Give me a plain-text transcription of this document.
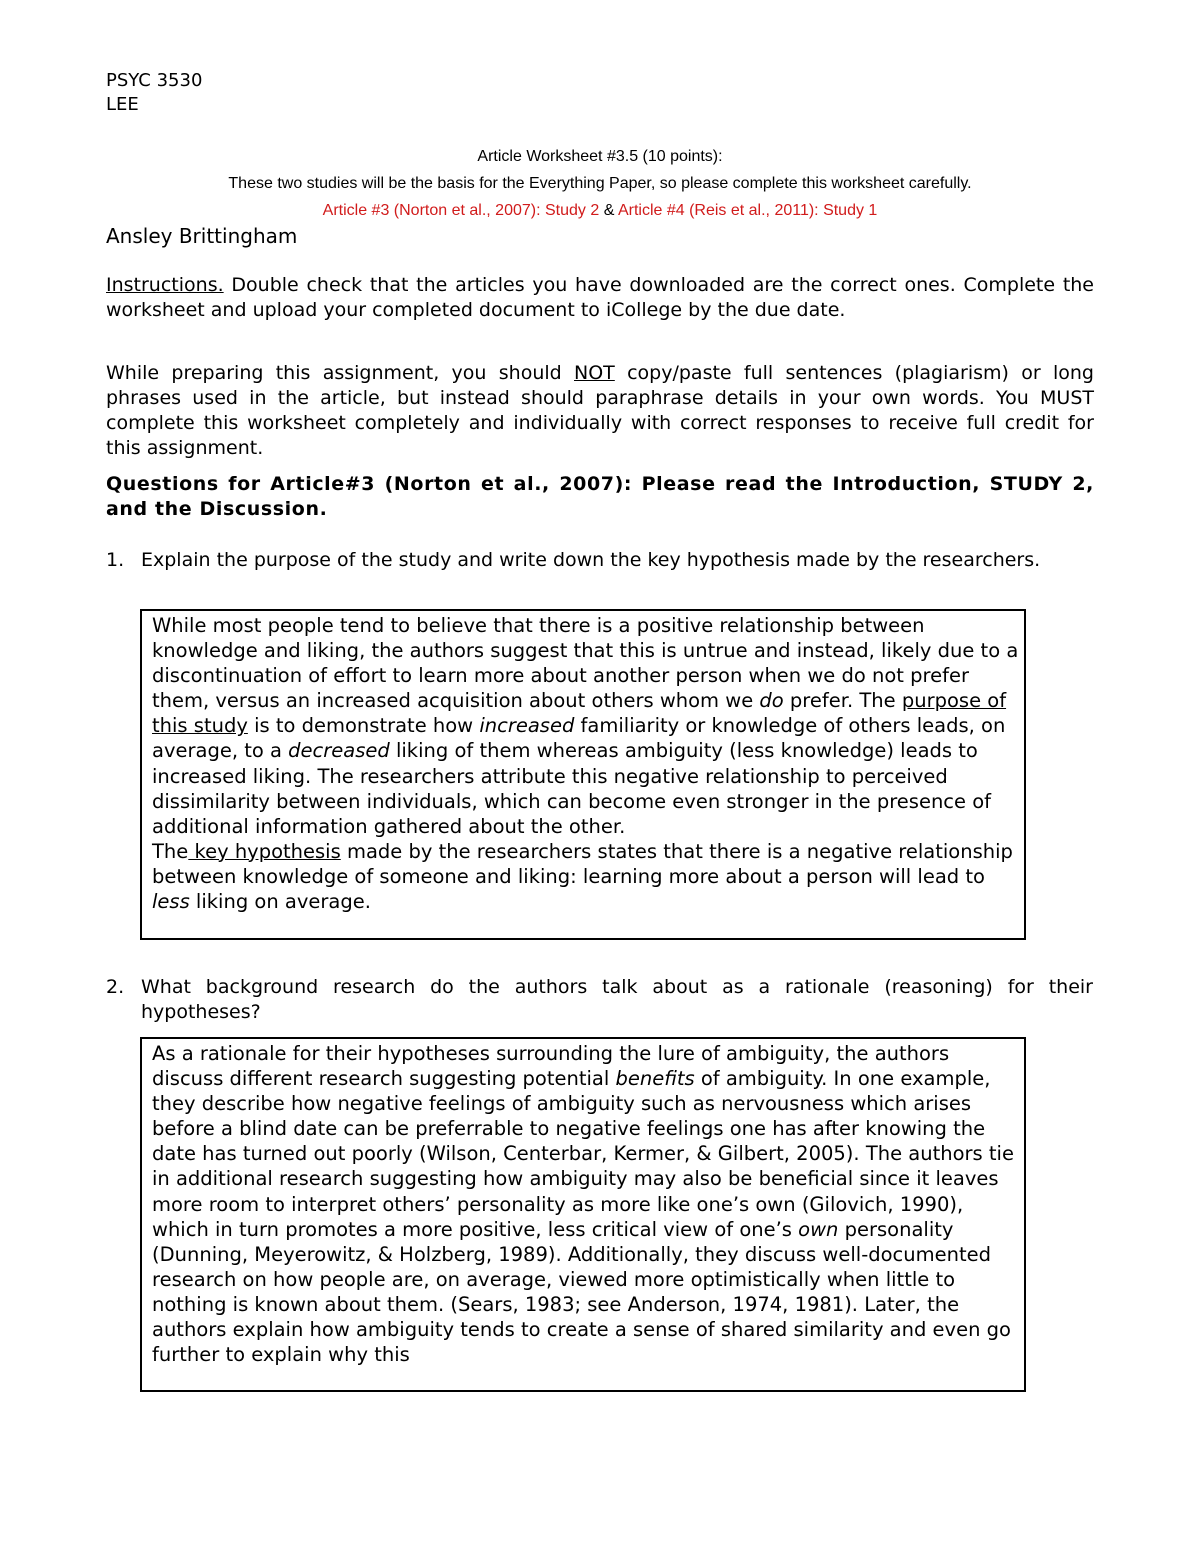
PSYC 3530
LEE
Article Worksheet #3.5 (10 points):
These two studies will be the basis for the Everything Paper, so please complete this worksheet carefully.
Article #3 (Norton et al., 2007): Study 2 & Article #4 (Reis et al., 2011): Study 1
Ansley Brittingham
Instructions. Double check that the articles you have downloaded are the correct ones. Complete the worksheet and upload your completed document to iCollege by the due date.
While preparing this assignment, you should NOT copy/paste full sentences (plagiarism) or long phrases used in the article, but instead should paraphrase details in your own words. You MUST complete this worksheet completely and individually with correct responses to receive full credit for this assignment.
Questions for Article#3 (Norton et al., 2007): Please read the Introduction, STUDY 2, and the Discussion.
1. Explain the purpose of the study and write down the key hypothesis made by the researchers.

While most people tend to believe that there is a positive relationship between knowledge and liking, the authors suggest that this is untrue and instead, likely due to a discontinuation of effort to learn more about another person when we do not prefer them, versus an increased acquisition about others whom we do prefer. The purpose of this study is to demonstrate how increased familiarity or knowledge of others leads, on average, to a decreased liking of them whereas ambiguity (less knowledge) leads to increased liking. The researchers attribute this negative relationship to perceived dissimilarity between individuals, which can become even stronger in the presence of additional information gathered about the other.

The key hypothesis made by the researchers states that there is a negative relationship between knowledge of someone and liking: learning more about a person will lead to less liking on average.

2. What background research do the authors talk about as a rationale (reasoning) for their hypotheses?

As a rationale for their hypotheses surrounding the lure of ambiguity, the authors discuss different research suggesting potential benefits of ambiguity. In one example, they describe how negative feelings of ambiguity such as nervousness which arises before a blind date can be preferrable to negative feelings one has after knowing the date has turned out poorly (Wilson, Centerbar, Kermer, & Gilbert, 2005). The authors tie in additional research suggesting how ambiguity may also be beneficial since it leaves more room to interpret others’ personality as more like one’s own (Gilovich, 1990), which in turn promotes a more positive, less critical view of one’s own personality (Dunning, Meyerowitz, & Holzberg, 1989). Additionally, they discuss well-documented research on how people are, on average, viewed more optimistically when little to nothing is known about them. (Sears, 1983; see Anderson, 1974, 1981). Later, the authors explain how ambiguity tends to create a sense of shared similarity and even go further to explain why this
